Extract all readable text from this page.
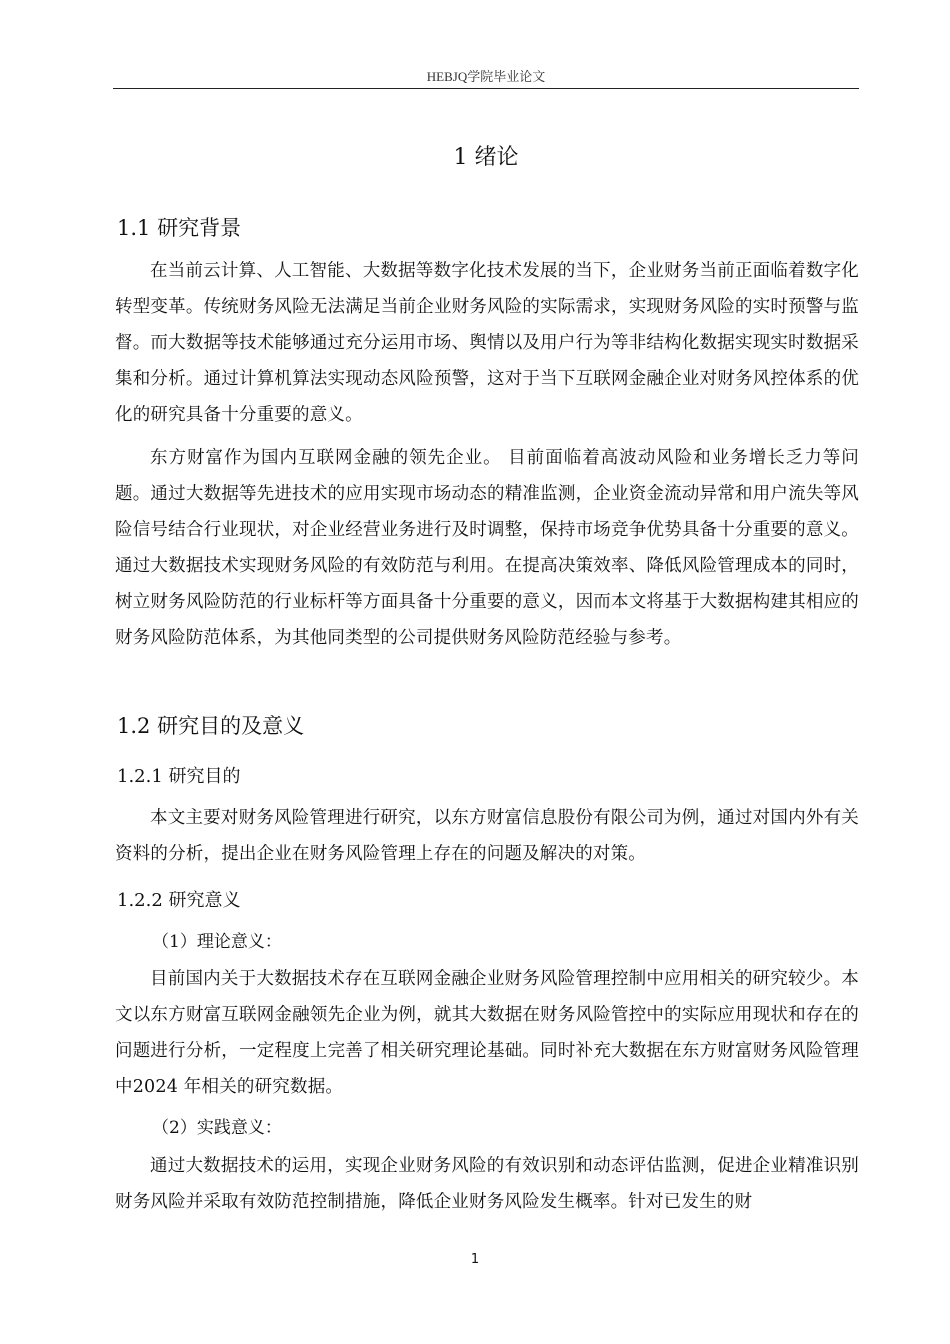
HEBJQ学院毕业论文
1 绪论
1.1 研究背景

在当前云计算、人工智能、大数据等数字化技术发展的当下，企业财务当前正面临着数字化转型变革。传统财务风险无法满足当前企业财务风险的实际需求，实现财务风险的实时预警与监督。而大数据等技术能够通过充分运用市场、舆情以及用户行为等非结构化数据实现实时数据采集和分析。通过计算机算法实现动态风险预警，这对于当下互联网金融企业对财务风控体系的优化的研究具备十分重要的意义。

东方财富作为国内互联网金融的领先企业。 目前面临着高波动风险和业务增长乏力等问题。通过大数据等先进技术的应用实现市场动态的精准监测，企业资金流动异常和用户流失等风险信号结合行业现状，对企业经营业务进行及时调整，保持市场竞争优势具备十分重要的意义。通过大数据技术实现财务风险的有效防范与利用。在提高决策效率、降低风险管理成本的同时，树立财务风险防范的行业标杆等方面具备十分重要的意义，因而本文将基于大数据构建其相应的财务风险防范体系，为其他同类型的公司提供财务风险防范经验与参考。

1.2 研究目的及意义
1.2.1 研究目的

本文主要对财务风险管理进行研究，以东方财富信息股份有限公司为例，通过对国内外有关资料的分析，提出企业在财务风险管理上存在的问题及解决的对策。

1.2.2 研究意义
（1）理论意义：

目前国内关于大数据技术存在互联网金融企业财务风险管理控制中应用相关的研究较少。本文以东方财富互联网金融领先企业为例，就其大数据在财务风险管控中的实际应用现状和存在的问题进行分析，一定程度上完善了相关研究理论基础。同时补充大数据在东方财富财务风险管理中2024 年相关的研究数据。

（2）实践意义：

通过大数据技术的运用，实现企业财务风险的有效识别和动态评估监测，促进企业精准识别财务风险并采取有效防范控制措施，降低企业财务风险发生概率。针对已发生的财

1
